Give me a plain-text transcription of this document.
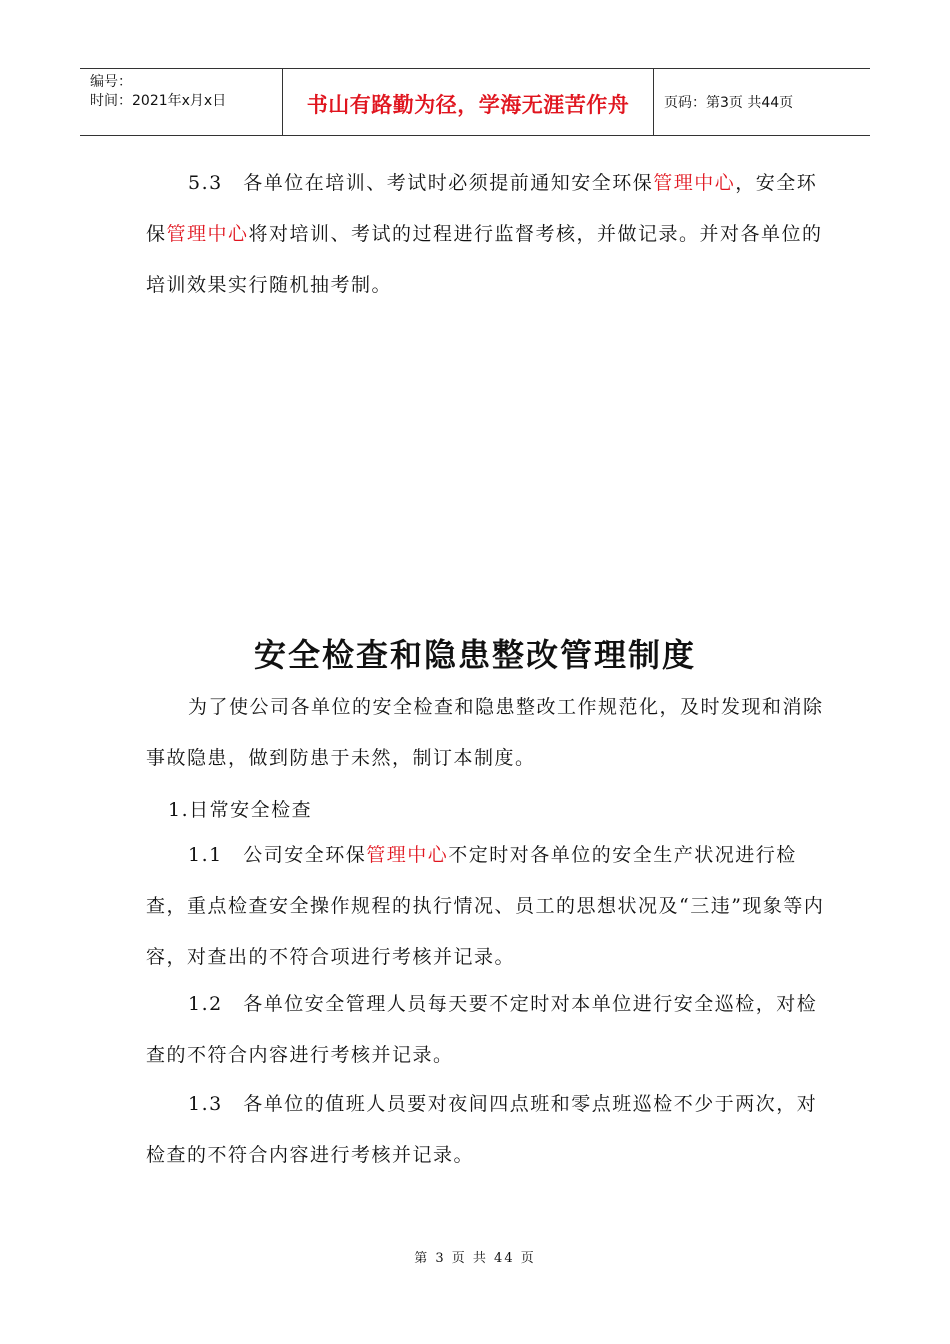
编号：
时间：2021年x月x日	书山有路勤为径，学海无涯苦作舟	页码：第3页 共44页
5.3　各单位在培训、考试时必须提前通知安全环保管理中心，安全环保管理中心将对培训、考试的过程进行监督考核，并做记录。并对各单位的培训效果实行随机抽考制。
安全检查和隐患整改管理制度
为了使公司各单位的安全检查和隐患整改工作规范化，及时发现和消除事故隐患，做到防患于未然，制订本制度。
1.日常安全检查
1.1　公司安全环保管理中心不定时对各单位的安全生产状况进行检查，重点检查安全操作规程的执行情况、员工的思想状况及“三违”现象等内容，对查出的不符合项进行考核并记录。
1.2　各单位安全管理人员每天要不定时对本单位进行安全巡检，对检查的不符合内容进行考核并记录。
1.3　各单位的值班人员要对夜间四点班和零点班巡检不少于两次，对检查的不符合内容进行考核并记录。
第 3 页 共 44 页
